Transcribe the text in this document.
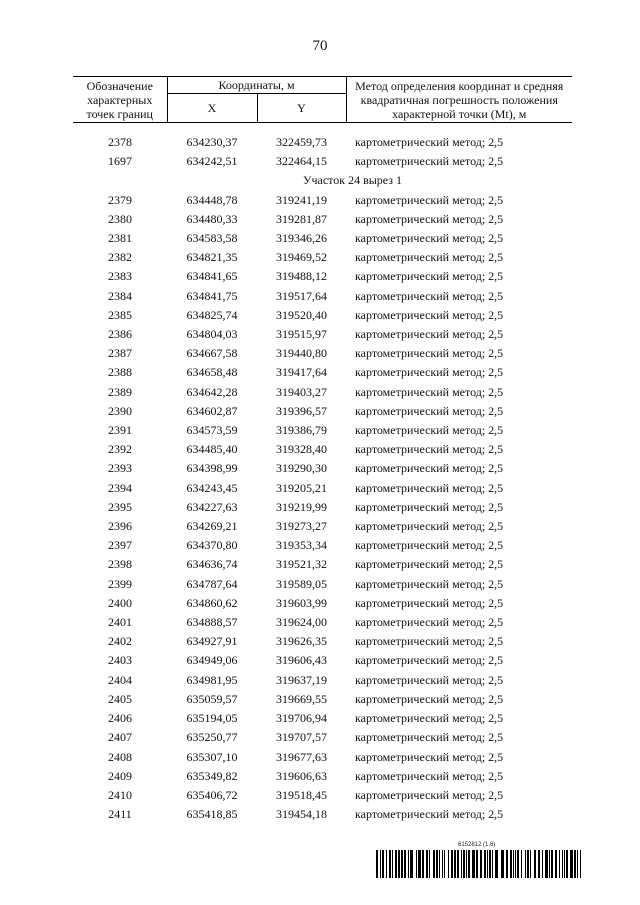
70
Обозначение характерных точек границ	Координаты, м		Метод определения координат и средняя квадратичная погрешность положения характерной точки (Mt), м
	X	Y	

2378	634230,37	322459,73	картометрический метод; 2,5
1697	634242,51	322464,15	картометрический метод; 2,5
Участок 24 вырез 1			
2379	634448,78	319241,19	картометрический метод; 2,5
2380	634480,33	319281,87	картометрический метод; 2,5
2381	634583,58	319346,26	картометрический метод; 2,5
2382	634821,35	319469,52	картометрический метод; 2,5
2383	634841,65	319488,12	картометрический метод; 2,5
2384	634841,75	319517,64	картометрический метод; 2,5
2385	634825,74	319520,40	картометрический метод; 2,5
2386	634804,03	319515,97	картометрический метод; 2,5
2387	634667,58	319440,80	картометрический метод; 2,5
2388	634658,48	319417,64	картометрический метод; 2,5
2389	634642,28	319403,27	картометрический метод; 2,5
2390	634602,87	319396,57	картометрический метод; 2,5
2391	634573,59	319386,79	картометрический метод; 2,5
2392	634485,40	319328,40	картометрический метод; 2,5
2393	634398,99	319290,30	картометрический метод; 2,5
2394	634243,45	319205,21	картометрический метод; 2,5
2395	634227,63	319219,99	картометрический метод; 2,5
2396	634269,21	319273,27	картометрический метод; 2,5
2397	634370,80	319353,34	картометрический метод; 2,5
2398	634636,74	319521,32	картометрический метод; 2,5
2399	634787,64	319589,05	картометрический метод; 2,5
2400	634860,62	319603,99	картометрический метод; 2,5
2401	634888,57	319624,00	картометрический метод; 2,5
2402	634927,91	319626,35	картометрический метод; 2,5
2403	634949,06	319606,43	картометрический метод; 2,5
2404	634981,95	319637,19	картометрический метод; 2,5
2405	635059,57	319669,55	картометрический метод; 2,5
2406	635194,05	319706,94	картометрический метод; 2,5
2407	635250,77	319707,57	картометрический метод; 2,5
2408	635307,10	319677,63	картометрический метод; 2,5
2409	635349,82	319606,63	картометрический метод; 2,5
2410	635406,72	319518,45	картометрический метод; 2,5
2411	635418,85	319454,18	картометрический метод; 2,5
6152812 (1.6)
